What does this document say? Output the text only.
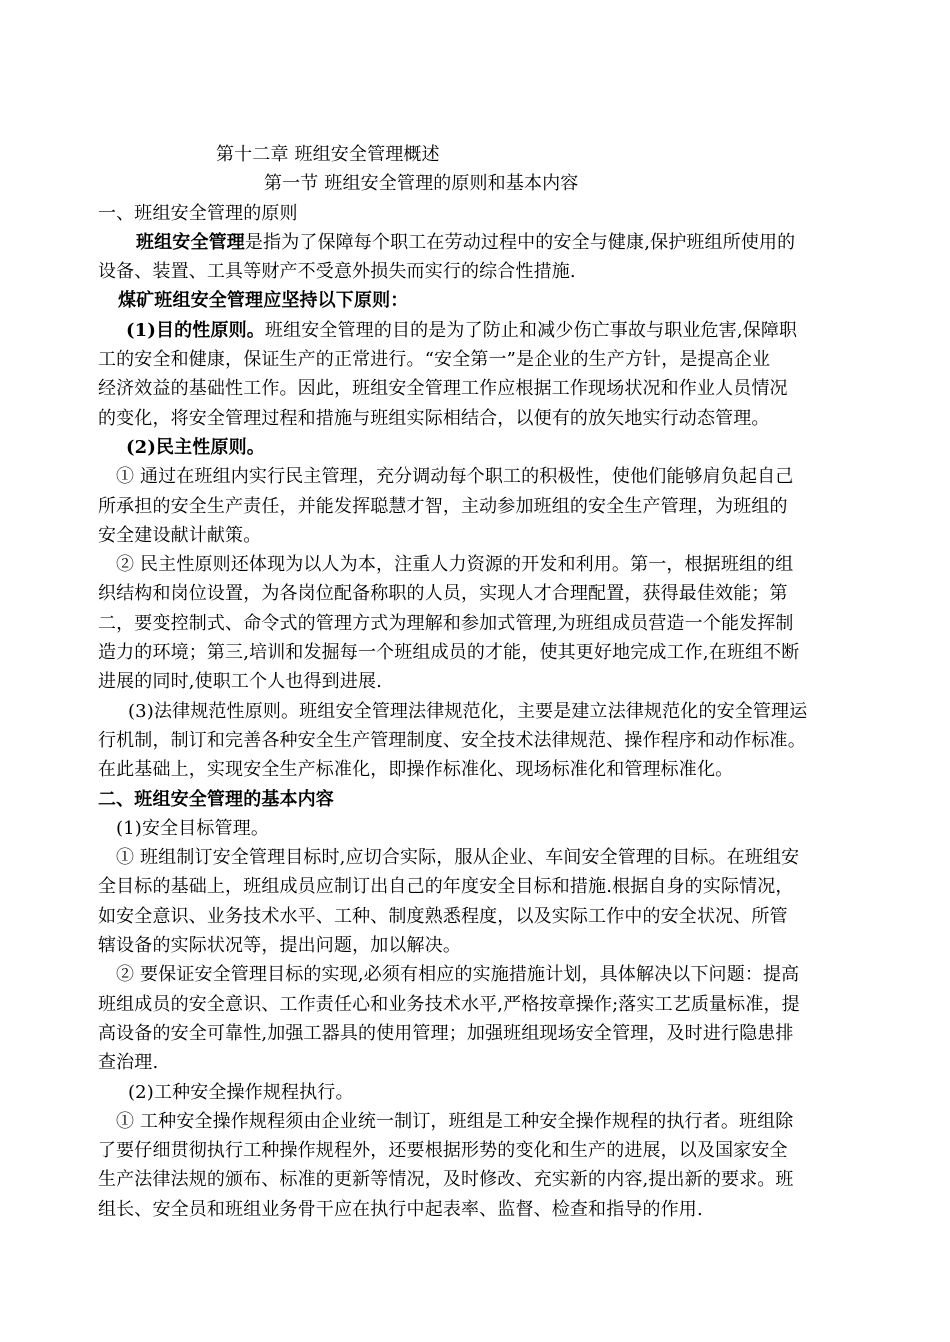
第十二章 班组安全管理概述
第一节 班组安全管理的原则和基本内容
一、班组安全管理的原则
班组安全管理是指为了保障每个职工在劳动过程中的安全与健康,保护班组所使用的
设备、装置、工具等财产不受意外损失而实行的综合性措施.
煤矿班组安全管理应坚持以下原则：
(1)目的性原则。班组安全管理的目的是为了防止和减少伤亡事故与职业危害,保障职
工的安全和健康，保证生产的正常进行。“安全第一”是企业的生产方针，是提高企业
经济效益的基础性工作。因此，班组安全管理工作应根据工作现场状况和作业人员情况
的变化，将安全管理过程和措施与班组实际相结合，以便有的放矢地实行动态管理。
(2)民主性原则。
① 通过在班组内实行民主管理，充分调动每个职工的积极性，使他们能够肩负起自己
所承担的安全生产责任，并能发挥聪慧才智，主动参加班组的安全生产管理，为班组的
安全建设献计献策。
② 民主性原则还体现为以人为本，注重人力资源的开发和利用。第一，根据班组的组
织结构和岗位设置，为各岗位配备称职的人员，实现人才合理配置，获得最佳效能；第
二，要变控制式、命令式的管理方式为理解和参加式管理,为班组成员营造一个能发挥制
造力的环境；第三,培训和发掘每一个班组成员的才能，使其更好地完成工作,在班组不断
进展的同时,使职工个人也得到进展.
(3)法律规范性原则。班组安全管理法律规范化，主要是建立法律规范化的安全管理运
行机制，制订和完善各种安全生产管理制度、安全技术法律规范、操作程序和动作标准。
在此基础上，实现安全生产标准化，即操作标准化、现场标准化和管理标准化。
二、班组安全管理的基本内容
(1)安全目标管理。
① 班组制订安全管理目标时,应切合实际，服从企业、车间安全管理的目标。在班组安
全目标的基础上，班组成员应制订出自己的年度安全目标和措施.根据自身的实际情况，
如安全意识、业务技术水平、工种、制度熟悉程度，以及实际工作中的安全状况、所管
辖设备的实际状况等，提出问题，加以解决。
② 要保证安全管理目标的实现,必须有相应的实施措施计划，具体解决以下问题：提高
班组成员的安全意识、工作责任心和业务技术水平,严格按章操作;落实工艺质量标准，提
高设备的安全可靠性,加强工器具的使用管理；加强班组现场安全管理，及时进行隐患排
查治理.
(2)工种安全操作规程执行。
① 工种安全操作规程须由企业统一制订，班组是工种安全操作规程的执行者。班组除
了要仔细贯彻执行工种操作规程外，还要根据形势的变化和生产的进展，以及国家安全
生产法律法规的颁布、标准的更新等情况，及时修改、充实新的内容,提出新的要求。班
组长、安全员和班组业务骨干应在执行中起表率、监督、检查和指导的作用.
